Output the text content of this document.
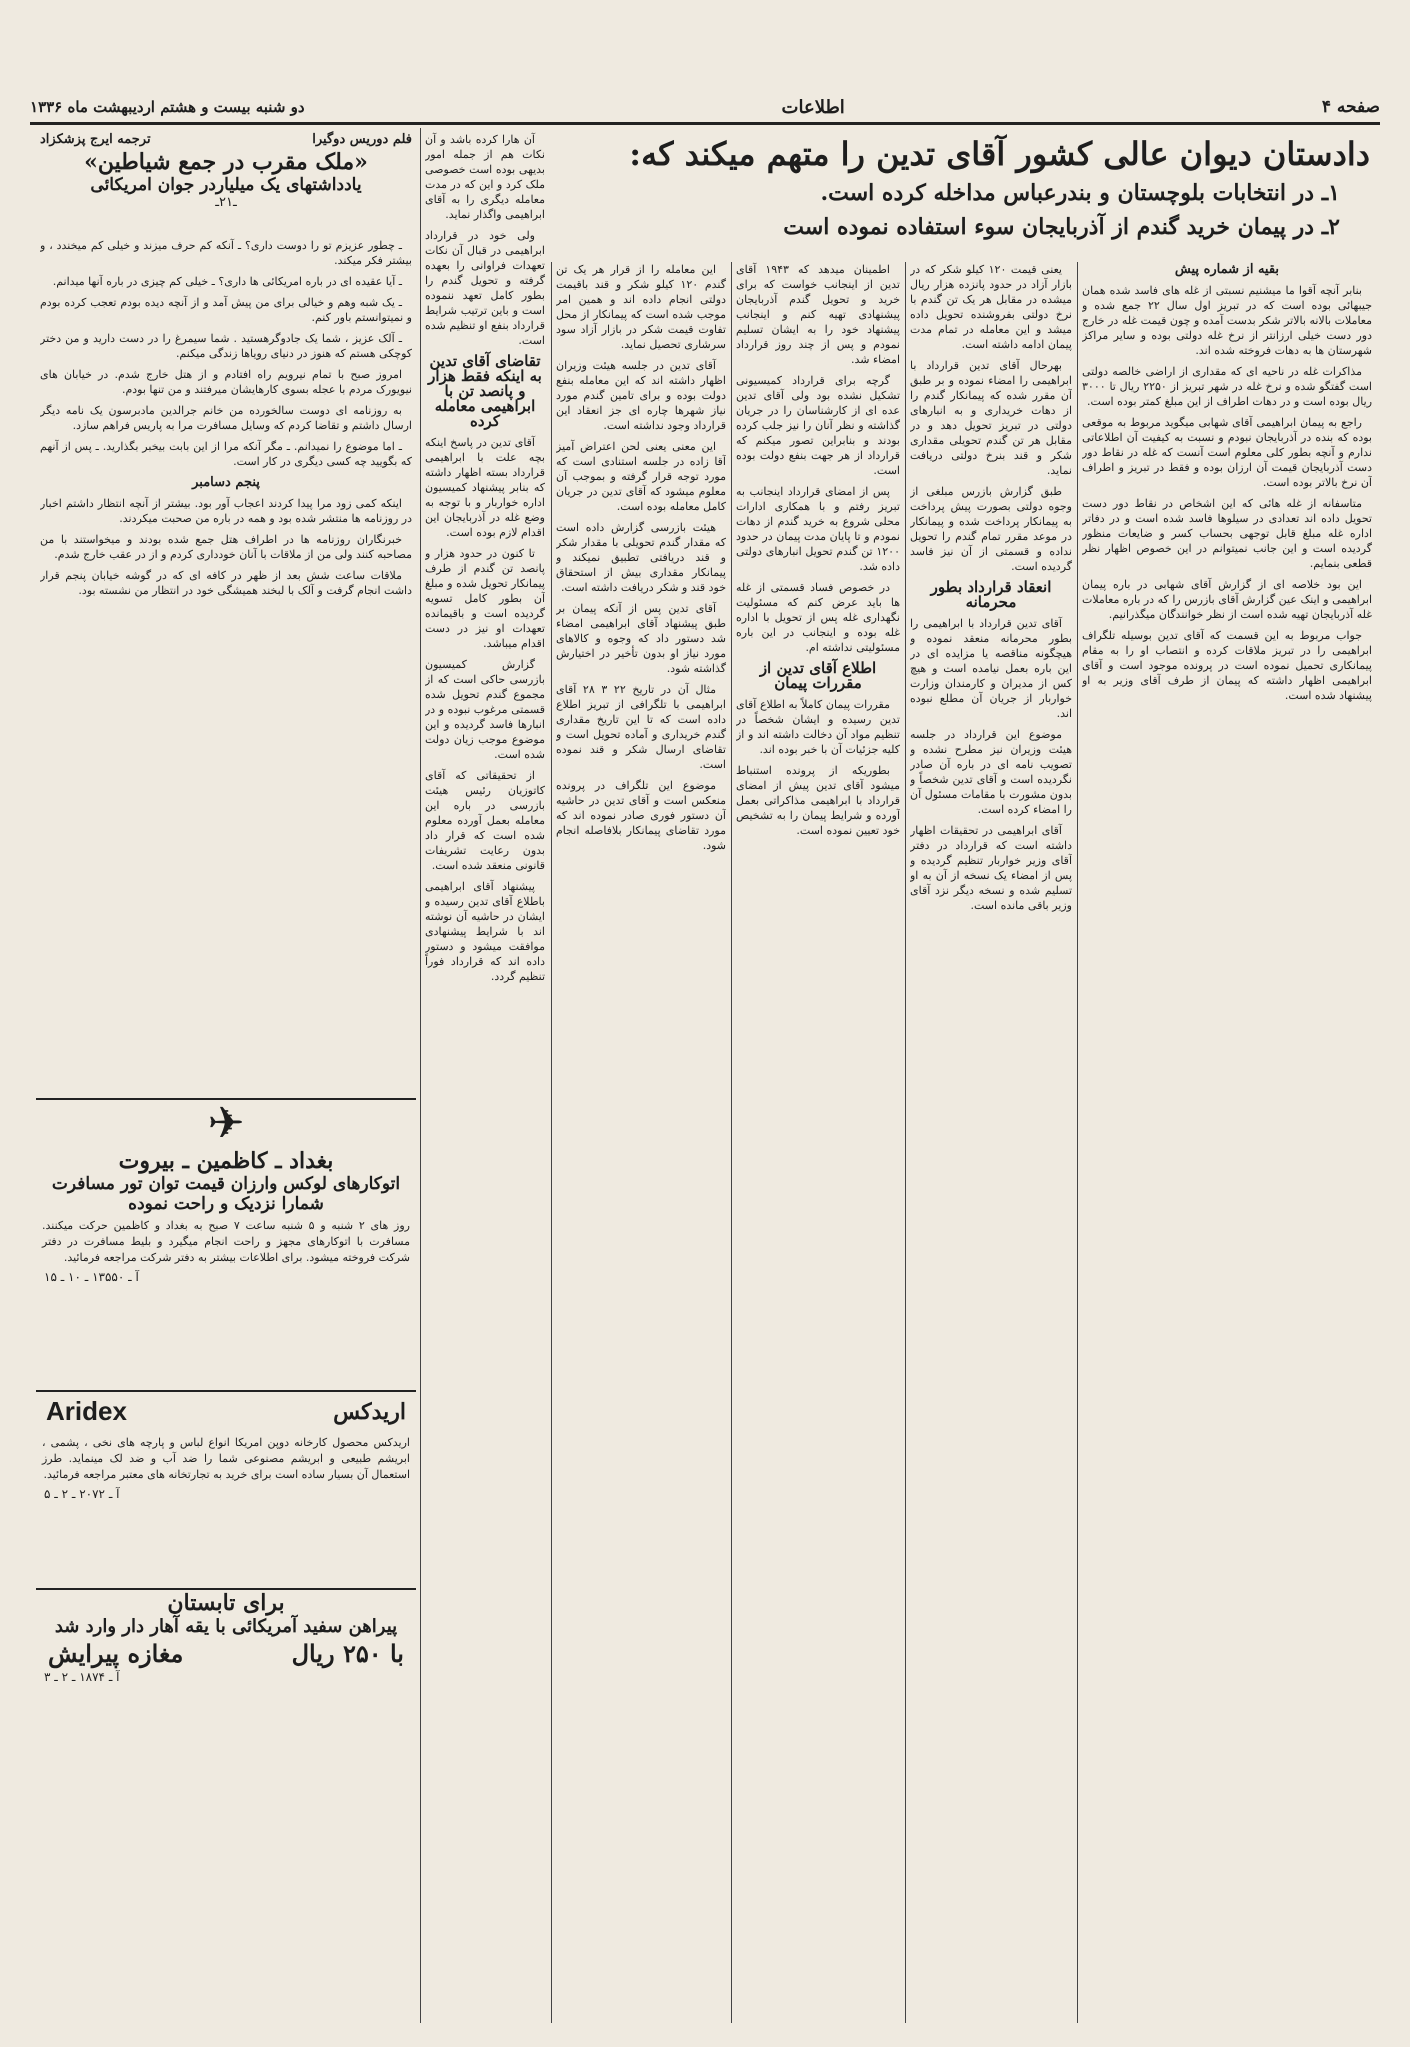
صفحه ۴
اطلاعات
دو شنبه بیست و هشتم اردیبهشت ماه ۱۳۳۶
دادستان دیوان عالی کشور آقای تدین را متهم میکند که:
۱ـ در انتخابات بلوچستان و بندرعباس مداخله کرده است.
۲ـ در پیمان خرید گندم از آذربایجان سوء استفاده نموده است

بقیه از شماره پیش

بنابر آنچه آقوا ما میشنیم نسبتی از غله های فاسد شده همان جیبهائی بوده است که در تبریز اول سال ۲۲ جمع شده و معاملات بالانه بالاتر شکر بدست آمده و چون قیمت غله در خارج دور دست خیلی ارزانتر از نرخ غله دولتی بوده و سایر مراکز شهرستان ها به دهات فروخته شده اند.

مذاکرات غله در ناحیه ای که مقداری از اراضی خالصه دولتی است گفتگو شده و نرخ غله در شهر تبریز از ۲۲۵۰ ریال تا ۳۰۰۰ ریال بوده است و در دهات اطراف از این مبلغ کمتر بوده است.

راجع به پیمان ابراهیمی آقای شهابی میگوید مربوط به موقعی بوده که بنده در آذربایجان نبودم و نسبت به کیفیت آن اطلاعاتی ندارم و آنچه بطور کلی معلوم است آنست که غله در نقاط دور دست آذربایجان قیمت آن ارزان بوده و فقط در تبریز و اطراف آن نرخ بالاتر بوده است.

متاسفانه از غله هائی که این اشخاص در نقاط دور دست تحویل داده اند تعدادی در سیلوها فاسد شده است و در دفاتر اداره غله مبلغ قابل توجهی بحساب کسر و ضایعات منظور گردیده است و این جانب نمیتوانم در این خصوص اظهار نظر قطعی بنمایم.

این بود خلاصه ای از گزارش آقای شهابی در باره پیمان ابراهیمی و اینک عین گزارش آقای بازرس را که در باره معاملات غله آذربایجان تهیه شده است از نظر خوانندگان میگذرانیم.

جواب مربوط به این قسمت که آقای تدین بوسیله تلگراف ابراهیمی را در تبریز ملاقات کرده و انتصاب او را به مقام پیمانکاری تحمیل نموده است در پرونده موجود است و آقای ابراهیمی اظهار داشته که پیمان از طرف آقای وزیر به او پیشنهاد شده است.

یعنی قیمت ۱۲۰ کیلو شکر که در بازار آزاد در حدود پانزده هزار ریال میشده در مقابل هر یک تن گندم با نرخ دولتی بفروشنده تحویل داده میشد و این معامله در تمام مدت پیمان ادامه داشته است.

بهرحال آقای تدین قرارداد با ابراهیمی را امضاء نموده و بر طبق آن مقرر شده که پیمانکار گندم را از دهات خریداری و به انبارهای دولتی در تبریز تحویل دهد و در مقابل هر تن گندم تحویلی مقداری شکر و قند بنرخ دولتی دریافت نماید.

طبق گزارش بازرس مبلغی از وجوه دولتی بصورت پیش پرداخت به پیمانکار پرداخت شده و پیمانکار در موعد مقرر تمام گندم را تحویل نداده و قسمتی از آن نیز فاسد گردیده است.

انعقاد قرارداد بطور محرمانه

آقای تدین قرارداد با ابراهیمی را بطور محرمانه منعقد نموده و هیچگونه مناقصه یا مزایده ای در این باره بعمل نیامده است و هیچ کس از مدیران و کارمندان وزارت خواربار از جریان آن مطلع نبوده اند.

موضوع این قرارداد در جلسه هیئت وزیران نیز مطرح نشده و تصویب نامه ای در باره آن صادر نگردیده است و آقای تدین شخصاً و بدون مشورت با مقامات مسئول آن را امضاء کرده است.

آقای ابراهیمی در تحقیقات اظهار داشته است که قرارداد در دفتر آقای وزیر خواربار تنظیم گردیده و پس از امضاء یک نسخه از آن به او تسلیم شده و نسخه دیگر نزد آقای وزیر باقی مانده است.

اطمینان میدهد که ۱۹۴۳ آقای تدین از اینجانب خواست که برای خرید و تحویل گندم آذربایجان پیشنهادی تهیه کنم و اینجانب پیشنهاد خود را به ایشان تسلیم نمودم و پس از چند روز قرارداد امضاء شد.

گرچه برای قرارداد کمیسیونی تشکیل نشده بود ولی آقای تدین عده ای از کارشناسان را در جریان گذاشته و نظر آنان را نیز جلب کرده بودند و بنابراین تصور میکنم که قرارداد از هر جهت بنفع دولت بوده است.

پس از امضای قرارداد اینجانب به تبریز رفتم و با همکاری ادارات محلی شروع به خرید گندم از دهات نمودم و تا پایان مدت پیمان در حدود ۱۲۰۰ تن گندم تحویل انبارهای دولتی داده شد.

در خصوص فساد قسمتی از غله ها باید عرض کنم که مسئولیت نگهداری غله پس از تحویل با اداره غله بوده و اینجانب در این باره مسئولیتی نداشته ام.

اطلاع آقای تدین از مقررات پیمان

مقررات پیمان کاملاً به اطلاع آقای تدین رسیده و ایشان شخصاً در تنظیم مواد آن دخالت داشته اند و از کلیه جزئیات آن با خبر بوده اند.

بطوریکه از پرونده استنباط میشود آقای تدین پیش از امضای قرارداد با ابراهیمی مذاکراتی بعمل آورده و شرایط پیمان را به تشخیص خود تعیین نموده است.

این معامله را از قرار هر یک تن گندم ۱۲۰ کیلو شکر و قند باقیمت دولتی انجام داده اند و همین امر موجب شده است که پیمانکار از محل تفاوت قیمت شکر در بازار آزاد سود سرشاری تحصیل نماید.

آقای تدین در جلسه هیئت وزیران اظهار داشته اند که این معامله بنفع دولت بوده و برای تامین گندم مورد نیاز شهرها چاره ای جز انعقاد این قرارداد وجود نداشته است.

این معنی یعنی لحن اعتراض آمیز آقا زاده در جلسه استنادی است که مورد توجه قرار گرفته و بموجب آن معلوم میشود که آقای تدین در جریان کامل معامله بوده است.

هیئت بازرسی گزارش داده است که مقدار گندم تحویلی با مقدار شکر و قند دریافتی تطبیق نمیکند و پیمانکار مقداری بیش از استحقاق خود قند و شکر دریافت داشته است.

آقای تدین پس از آنکه پیمان بر طبق پیشنهاد آقای ابراهیمی امضاء شد دستور داد که وجوه و کالاهای مورد نیاز او بدون تأخیر در اختیارش گذاشته شود.

مثال آن در تاریخ ۲۲ ۳ ۲۸ آقای ابراهیمی با تلگرافی از تبریز اطلاع داده است که تا این تاریخ مقداری گندم خریداری و آماده تحویل است و تقاضای ارسال شکر و قند نموده است.

موضوع این تلگراف در پرونده منعکس است و آقای تدین در حاشیه آن دستور فوری صادر نموده اند که مورد تقاضای پیمانکار بلافاصله انجام شود.

آن هارا کرده باشد و آن نکات هم از جمله امور بدیهی بوده است خصوصی ملک کرد و این که در مدت معامله دیگری را به آقای ابراهیمی واگذار نماید.

ولی خود در قرارداد ابراهیمی در قبال آن نکات تعهدات فراوانی را بعهده گرفته و تحویل گندم را بطور کامل تعهد ننموده است و باین ترتیب شرایط قرارداد بنفع او تنظیم شده است.

تقاضای آقای تدین به اینکه فقط هزار و پانصد تن با ابراهیمی معامله کرده

آقای تدین در پاسخ اینکه بچه علت با ابراهیمی قرارداد بسته اظهار داشته که بنابر پیشنهاد کمیسیون اداره خواربار و با توجه به وضع غله در آذربایجان این اقدام لازم بوده است.

تا کنون در حدود هزار و پانصد تن گندم از طرف پیمانکار تحویل شده و مبلغ آن بطور کامل تسویه گردیده است و باقیمانده تعهدات او نیز در دست اقدام میباشد.

گزارش کمیسیون بازرسی حاکی است که از مجموع گندم تحویل شده قسمتی مرغوب نبوده و در انبارها فاسد گردیده و این موضوع موجب زیان دولت شده است.

از تحقیقاتی که آقای کاتوزیان رئیس هیئت بازرسی در باره این معامله بعمل آورده معلوم شده است که قرار داد بدون رعایت تشریفات قانونی منعقد شده است.

پیشنهاد آقای ابراهیمی باطلاع آقای تدین رسیده و ایشان در حاشیه آن نوشته اند با شرایط پیشنهادی موافقت میشود و دستور داده اند که قرارداد فوراً تنظیم گردد.

فلم دوریس دوگیرا
ترجمه ایرج پزشکزاد
«ملک مقرب در جمع شیاطین»
یادداشتهای یک میلیاردر جوان امریکائی
ـ۲۱ـ

ـ چطور عزیزم تو را دوست داری؟ ـ آنکه کم حرف میزند و خیلی کم میخندد ، و بیشتر فکر میکند.

ـ آیا عقیده ای در باره امریکائی ها داری؟ ـ خیلی کم چیزی در باره آنها میدانم.

ـ یک شبه وهم و خیالی برای من پیش آمد و از آنچه دیده بودم تعجب کرده بودم و نمیتوانستم باور کنم.

ـ آلک عزیز ، شما یک جادوگرهستید . شما سیمرغ را در دست دارید و من دختر کوچکی هستم که هنوز در دنیای رویاها زندگی میکنم.

امروز صبح با تمام نیرویم راه افتادم و از هتل خارج شدم. در خیابان های نیویورک مردم با عجله بسوی کارهایشان میرفتند و من تنها بودم.

به روزنامه ای دوست سالخورده من خانم جرالدین مادبرسون یک نامه دیگر ارسال داشتم و تقاضا کردم که وسایل مسافرت مرا به پاریس فراهم سازد.

ـ اما موضوع را نمیدانم. ـ مگر آنکه مرا از این بابت بیخبر بگذارید. ـ پس از آنهم که بگویید چه کسی دیگری در کار است.

پنجم دسامبر

اینکه کمی زود مرا پیدا کردند اعجاب آور بود. بیشتر از آنچه انتظار داشتم اخبار در روزنامه ها منتشر شده بود و همه در باره من صحبت میکردند.

خبرنگاران روزنامه ها در اطراف هتل جمع شده بودند و میخواستند با من مصاحبه کنند ولی من از ملاقات با آنان خودداری کردم و از در عقب خارج شدم.

ملاقات ساعت شش بعد از ظهر در کافه ای که در گوشه خیابان پنجم قرار داشت انجام گرفت و آلک با لبخند همیشگی خود در انتظار من نشسته بود.

✈
بغداد ـ کاظمین ـ بیروت
اتوکارهای لوکس وارزان قیمت توان تور مسافرت شمارا نزدیک و راحت نموده
روز های ۲ شنبه و ۵ شنبه ساعت ۷ صبح به بغداد و کاظمین حرکت میکنند. مسافرت با اتوکارهای مجهز و راحت انجام میگیرد و بلیط مسافرت در دفتر شرکت فروخته میشود. برای اطلاعات بیشتر به دفتر شرکت مراجعه فرمائید.
آ ـ ۱۳۵۵۰ ـ ۱۰ ـ ۱۵
اریدکس
Aridex
اریدکس محصول کارخانه دوپن امریکا انواع لباس و پارچه های نخی ، پشمی ، ابریشم طبیعی و ابریشم مصنوعی شما را ضد آب و ضد لک مینماید. طرز استعمال آن بسیار ساده است برای خرید به تجارتخانه های معتبر مراجعه فرمائید.
آ ـ ۲۰۷۲ ـ ۲ ـ ۵
برای تابستان
پیراهن سفید آمریکائی با یقه آهار دار وارد شد
با ۲۵۰ ریال
مغازه پیرایش
آ ـ ۱۸۷۴ ـ ۲ ـ ۳
